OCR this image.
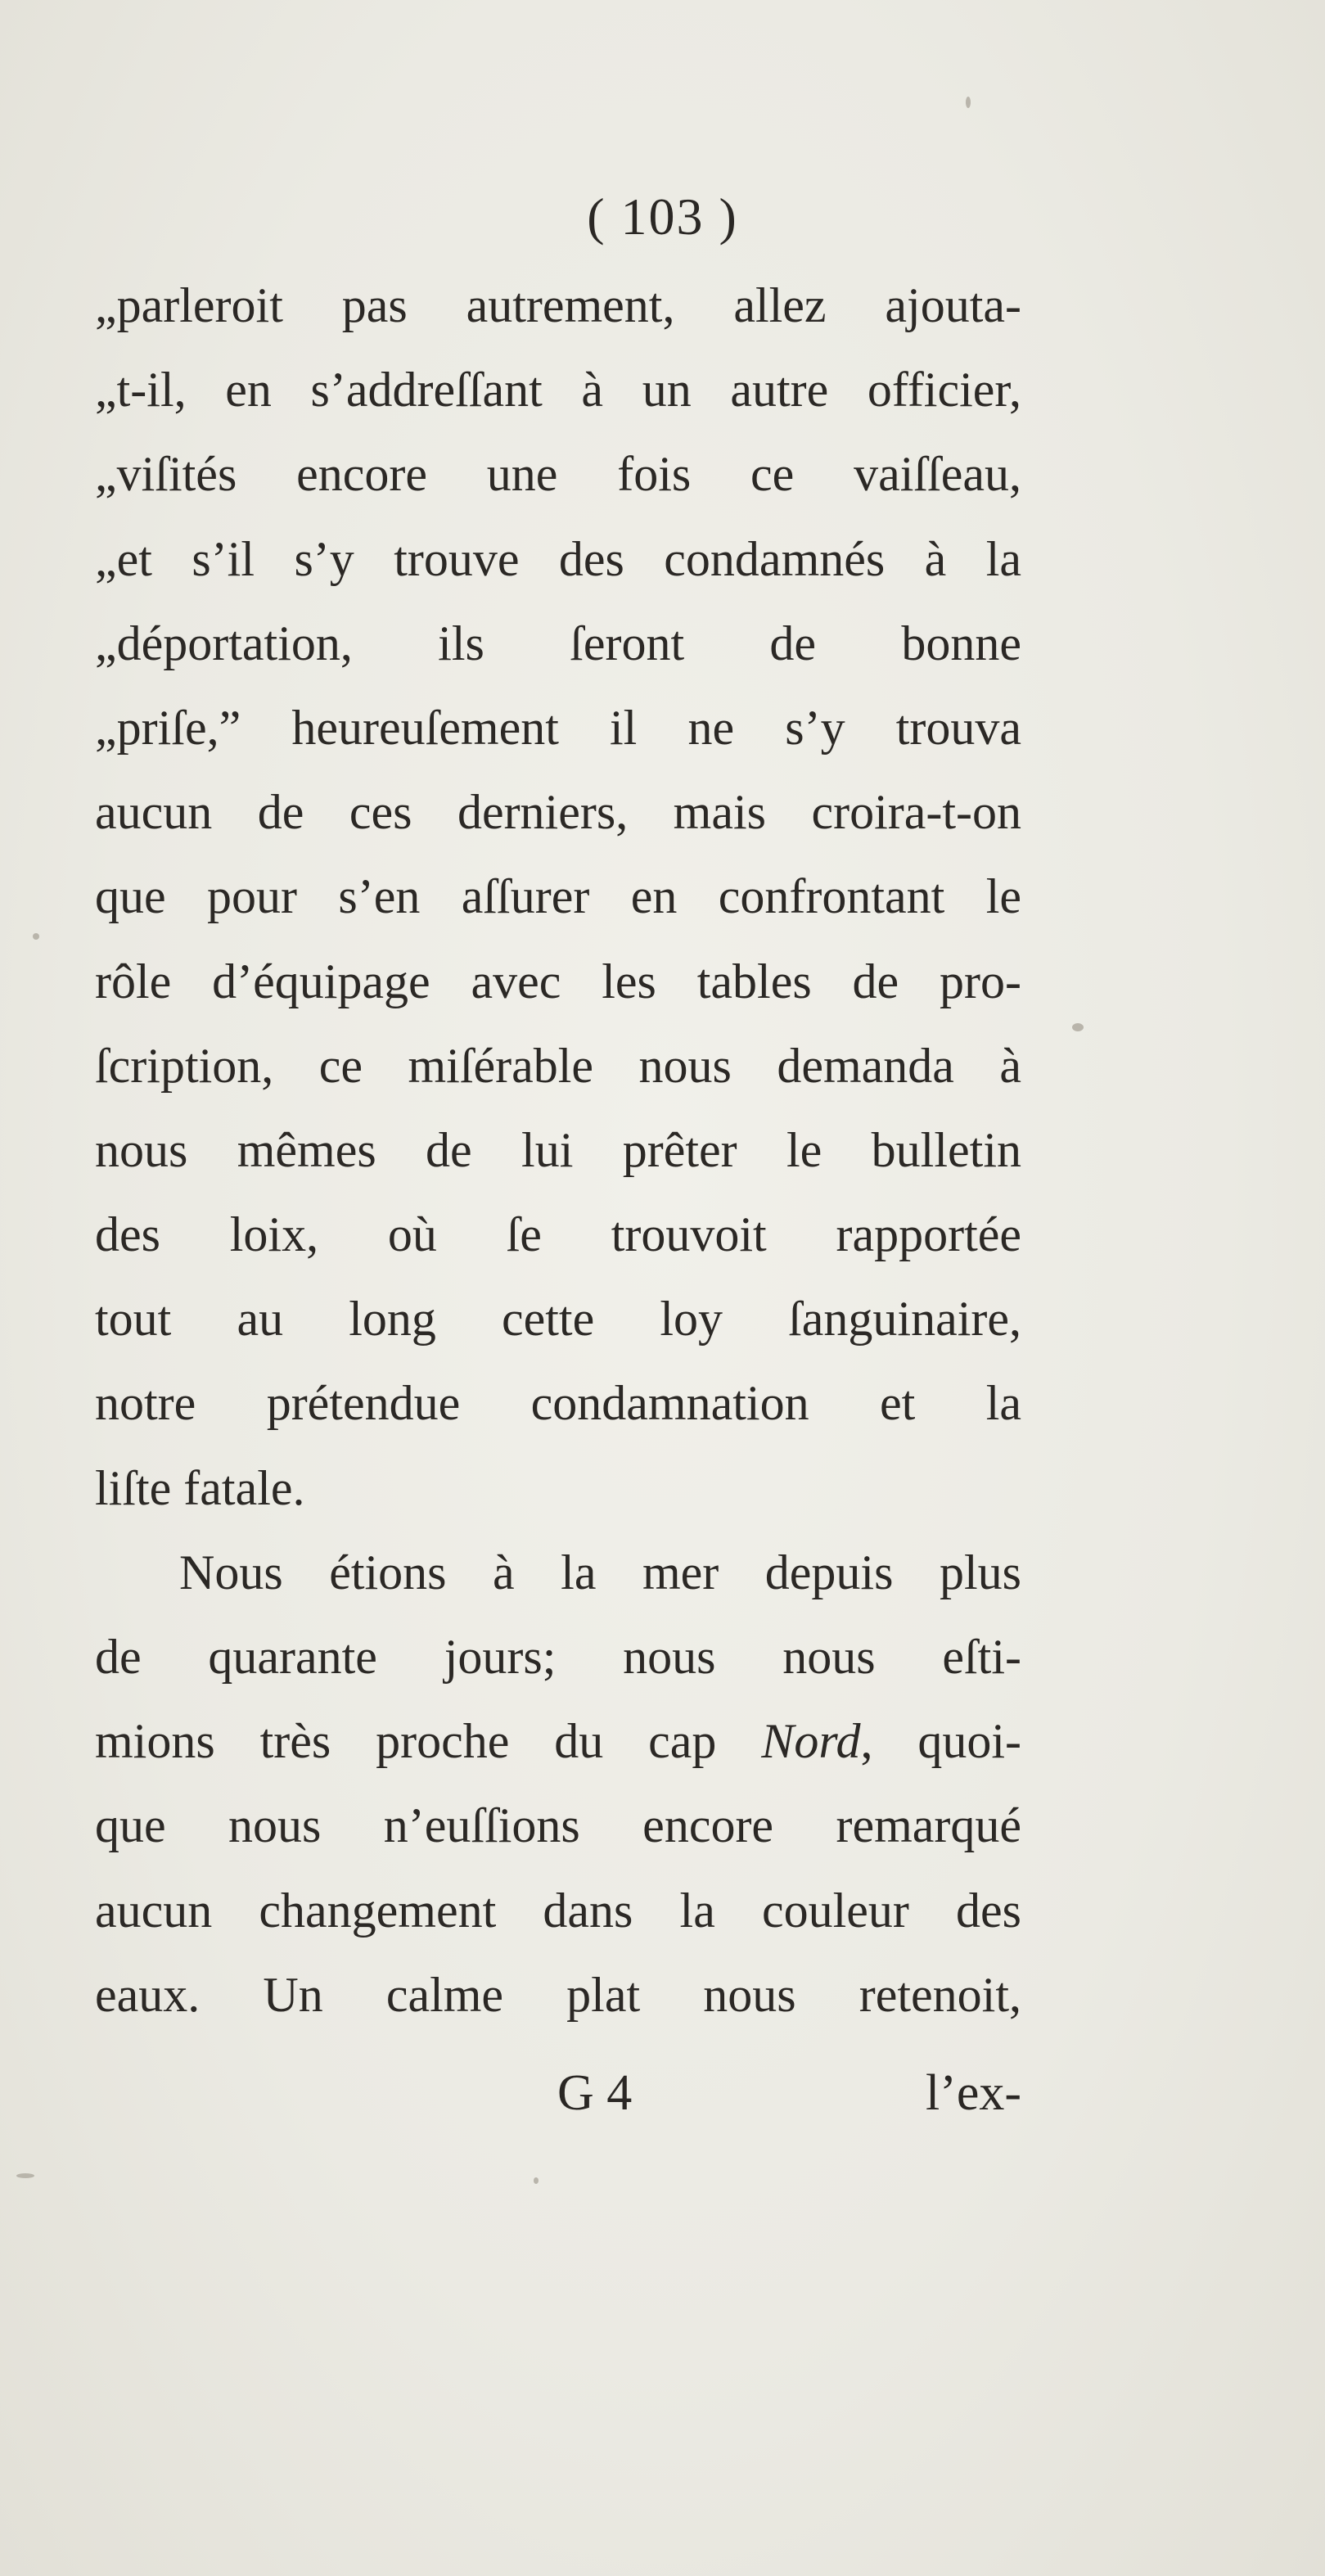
( 103 )
„parleroit pas autrement, allez ajouta-
„t-il, en s’addreſſant à un autre officier,
„viſités encore une fois ce vaiſſeau,
„et s’il s’y trouve des condamnés à la
„déportation, ils ſeront de bonne
„priſe,” heureuſement il ne s’y trouva
aucun de ces derniers, mais croira-t-on
que pour s’en aſſurer en confrontant le
rôle d’équipage avec les tables de pro-
ſcription, ce miſérable nous demanda à
nous mêmes de lui prêter le bulletin
des loix, où ſe trouvoit rapportée
tout au long cette loy ſanguinaire,
notre prétendue condamnation et la
liſte fatale.
Nous étions à la mer depuis plus
de quarante jours; nous nous eſti-
mions très proche du cap Nord, quoi-
que nous n’euſſions encore remarqué
aucun changement dans la couleur des
eaux. Un calme plat nous retenoit,
G 4	l’ex-
